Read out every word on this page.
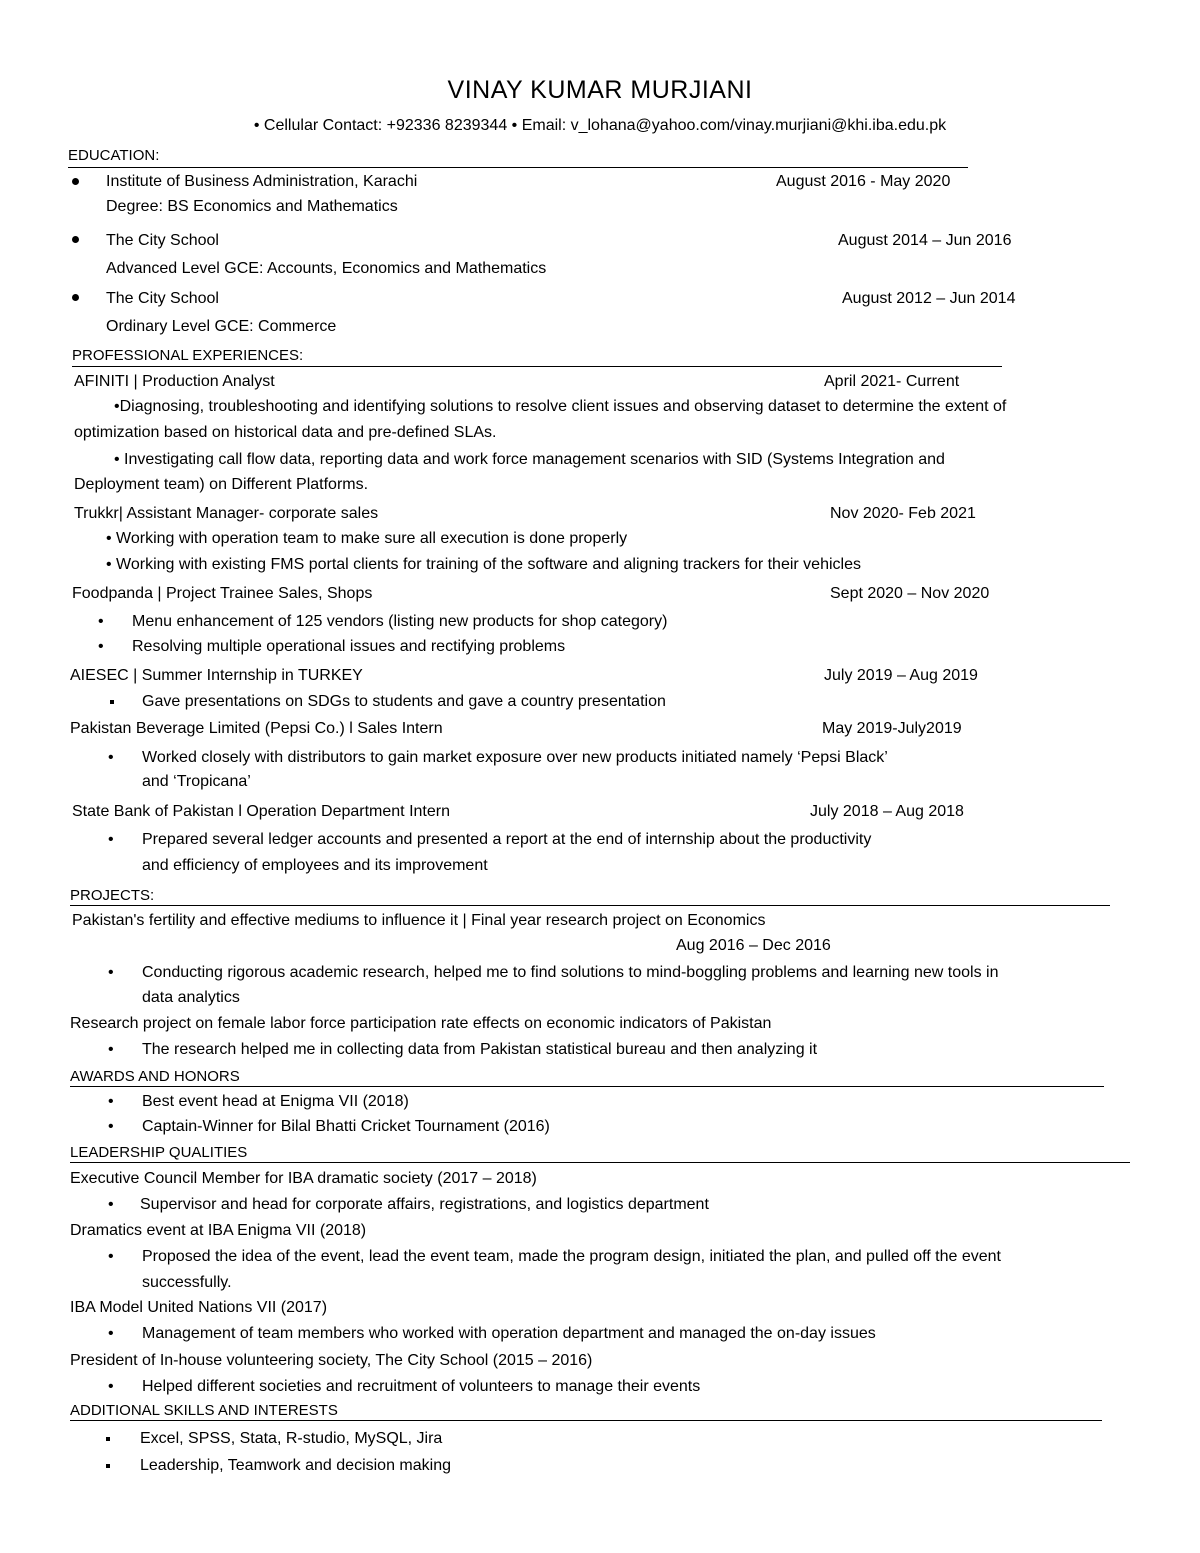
VINAY KUMAR MURJIANI
• Cellular Contact: +92336 8239344 • Email: v_lohana@yahoo.com/vinay.murjiani@khi.iba.edu.pk
EDUCATION:
Institute of Business Administration, Karachi	August 2016 - May 2020
Degree: BS Economics and Mathematics
The City School	August 2014 – Jun 2016
Advanced Level GCE: Accounts, Economics and Mathematics
The City School	August 2012 – Jun 2014
Ordinary Level GCE: Commerce
PROFESSIONAL EXPERIENCES:
AFINITI | Production Analyst	April 2021- Current
•Diagnosing, troubleshooting and identifying solutions to resolve client issues and observing dataset to determine the extent of
optimization based on historical data and pre-defined SLAs.
• Investigating call flow data, reporting data and work force management scenarios with SID (Systems Integration and
Deployment team) on Different Platforms.
Trukkr| Assistant Manager- corporate sales	Nov 2020- Feb 2021
• Working with operation team to make sure all execution is done properly
• Working with existing FMS portal clients for training of the software and aligning trackers for their vehicles
Foodpanda | Project Trainee Sales, Shops	Sept 2020 – Nov 2020
• Menu enhancement of 125 vendors (listing new products for shop category)
• Resolving multiple operational issues and rectifying problems
AIESEC | Summer Internship in TURKEY	July 2019 – Aug 2019
Gave presentations on SDGs to students and gave a country presentation
Pakistan Beverage Limited (Pepsi Co.) l Sales Intern	May 2019-July2019
• Worked closely with distributors to gain market exposure over new products initiated namely ‘Pepsi Black’
and ‘Tropicana’
State Bank of Pakistan l Operation Department Intern	July 2018 – Aug 2018
• Prepared several ledger accounts and presented a report at the end of internship about the productivity
and efficiency of employees and its improvement
PROJECTS:
Pakistan's fertility and effective mediums to influence it | Final year research project on Economics
Aug 2016 – Dec 2016
• Conducting rigorous academic research, helped me to find solutions to mind-boggling problems and learning new tools in
data analytics
Research project on female labor force participation rate effects on economic indicators of Pakistan
• The research helped me in collecting data from Pakistan statistical bureau and then analyzing it
AWARDS AND HONORS
• Best event head at Enigma VII (2018)
• Captain-Winner for Bilal Bhatti Cricket Tournament (2016)
LEADERSHIP QUALITIES
Executive Council Member for IBA dramatic society (2017 – 2018)
• Supervisor and head for corporate affairs, registrations, and logistics department
Dramatics event at IBA Enigma VII (2018)
• Proposed the idea of the event, lead the event team, made the program design, initiated the plan, and pulled off the event
successfully.
IBA Model United Nations VII (2017)
• Management of team members who worked with operation department and managed the on-day issues
President of In-house volunteering society, The City School (2015 – 2016)
• Helped different societies and recruitment of volunteers to manage their events
ADDITIONAL SKILLS AND INTERESTS
Excel, SPSS, Stata, R-studio, MySQL, Jira
Leadership, Teamwork and decision making
